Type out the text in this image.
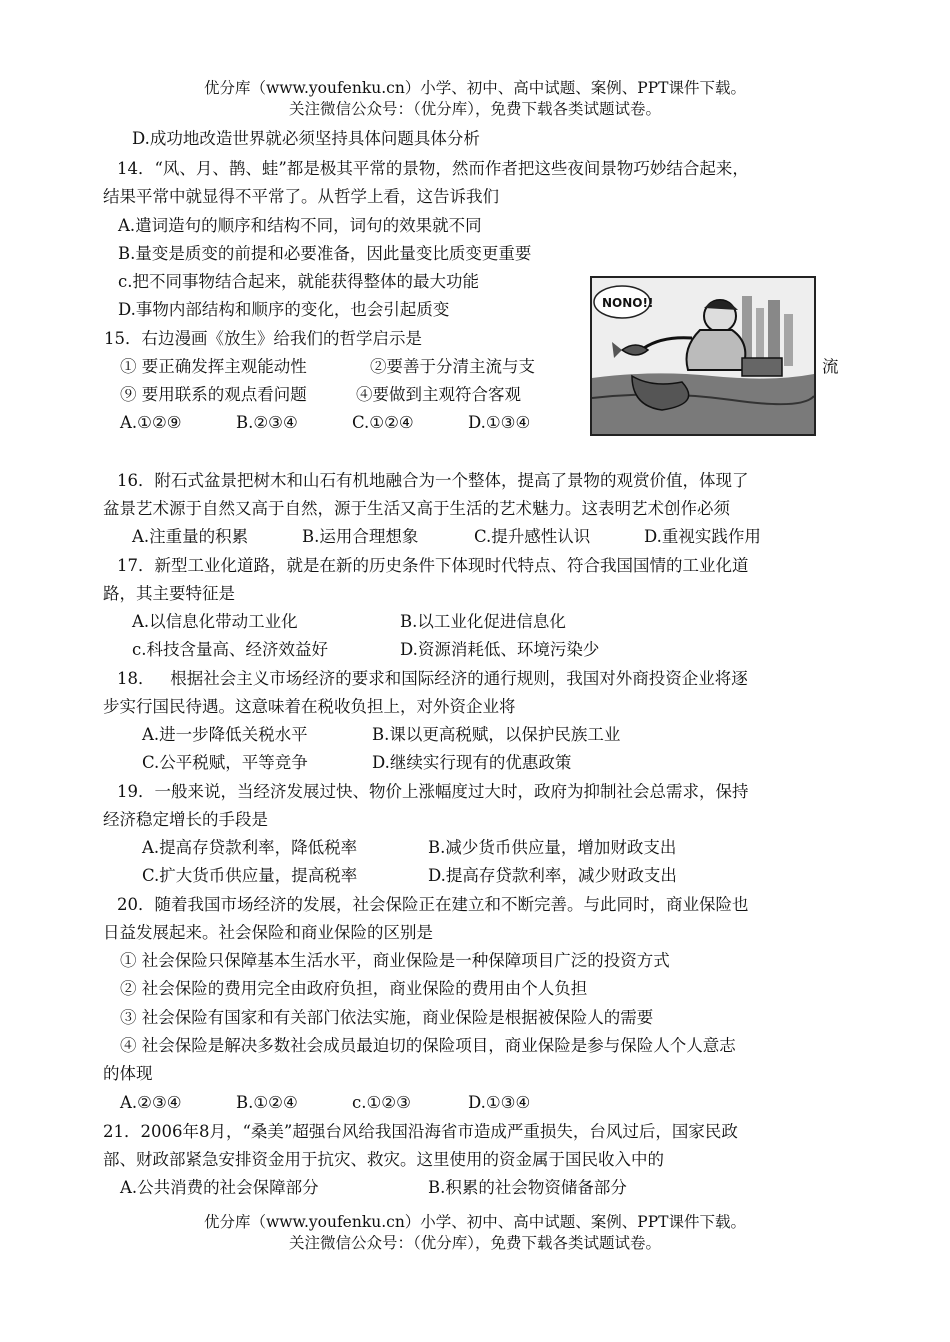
优分库（www.youfenku.cn）小学、初中、高中试题、案例、PPT课件下载。
关注微信公众号：（优分库），免费下载各类试题试卷。
D.成功地改造世界就必须坚持具体问题具体分析
14．“风、月、鹊、蛙”都是极其平常的景物，然而作者把这些夜间景物巧妙结合起来，
结果平常中就显得不平常了。从哲学上看，这告诉我们
A.遣词造句的顺序和结构不同，词句的效果就不同
B.量变是质变的前提和必要准备，因此量变比质变更重要
c.把不同事物结合起来，就能获得整体的最大功能
D.事物内部结构和顺序的变化，也会引起质变
15．右边漫画《放生》给我们的哲学启示是
① 要正确发挥主观能动性	②要善于分清主流与支	流
⑨ 要用联系的观点看问题	④要做到主观符合客观
A.①②⑨	B.②③④	C.①②④	D.①③④
NONO!!
16．附石式盆景把树木和山石有机地融合为一个整体，提高了景物的观赏价值，体现了
盆景艺术源于自然又高于自然，源于生活又高于生活的艺术魅力。这表明艺术创作必须
A.注重量的积累	B.运用合理想象	C.提升感性认识	D.重视实践作用
17．新型工业化道路，就是在新的历史条件下体现时代特点、符合我国国情的工业化道
路，其主要特征是
A.以信息化带动工业化	B.以工业化促进信息化
c.科技含量高、经济效益好	D.资源消耗低、环境污染少
18．   根据社会主义市场经济的要求和国际经济的通行规则，我国对外商投资企业将逐
步实行国民待遇。这意味着在税收负担上，对外资企业将
A.进一步降低关税水平	B.课以更高税赋，以保护民族工业
C.公平税赋，平等竞争	D.继续实行现有的优惠政策
19．一般来说，当经济发展过快、物价上涨幅度过大时，政府为抑制社会总需求，保持
经济稳定增长的手段是
A.提高存贷款利率，降低税率	B.减少货币供应量，增加财政支出
C.扩大货币供应量，提高税率	D.提高存贷款利率，减少财政支出
20．随着我国市场经济的发展，社会保险正在建立和不断完善。与此同时，商业保险也
日益发展起来。社会保险和商业保险的区别是
① 社会保险只保障基本生活水平，商业保险是一种保障项目广泛的投资方式
② 社会保险的费用完全由政府负担，商业保险的费用由个人负担
③ 社会保险有国家和有关部门依法实施，商业保险是根据被保险人的需要
④ 社会保险是解决多数社会成员最迫切的保险项目，商业保险是参与保险人个人意志
的体现
A.②③④	B.①②④	c.①②③	D.①③④
21．2006年8月，“桑美”超强台风给我国沿海省市造成严重损失，台风过后，国家民政
部、财政部紧急安排资金用于抗灾、救灾。这里使用的资金属于国民收入中的
A.公共消费的社会保障部分	B.积累的社会物资储备部分
优分库（www.youfenku.cn）小学、初中、高中试题、案例、PPT课件下载。
关注微信公众号：（优分库），免费下载各类试题试卷。
